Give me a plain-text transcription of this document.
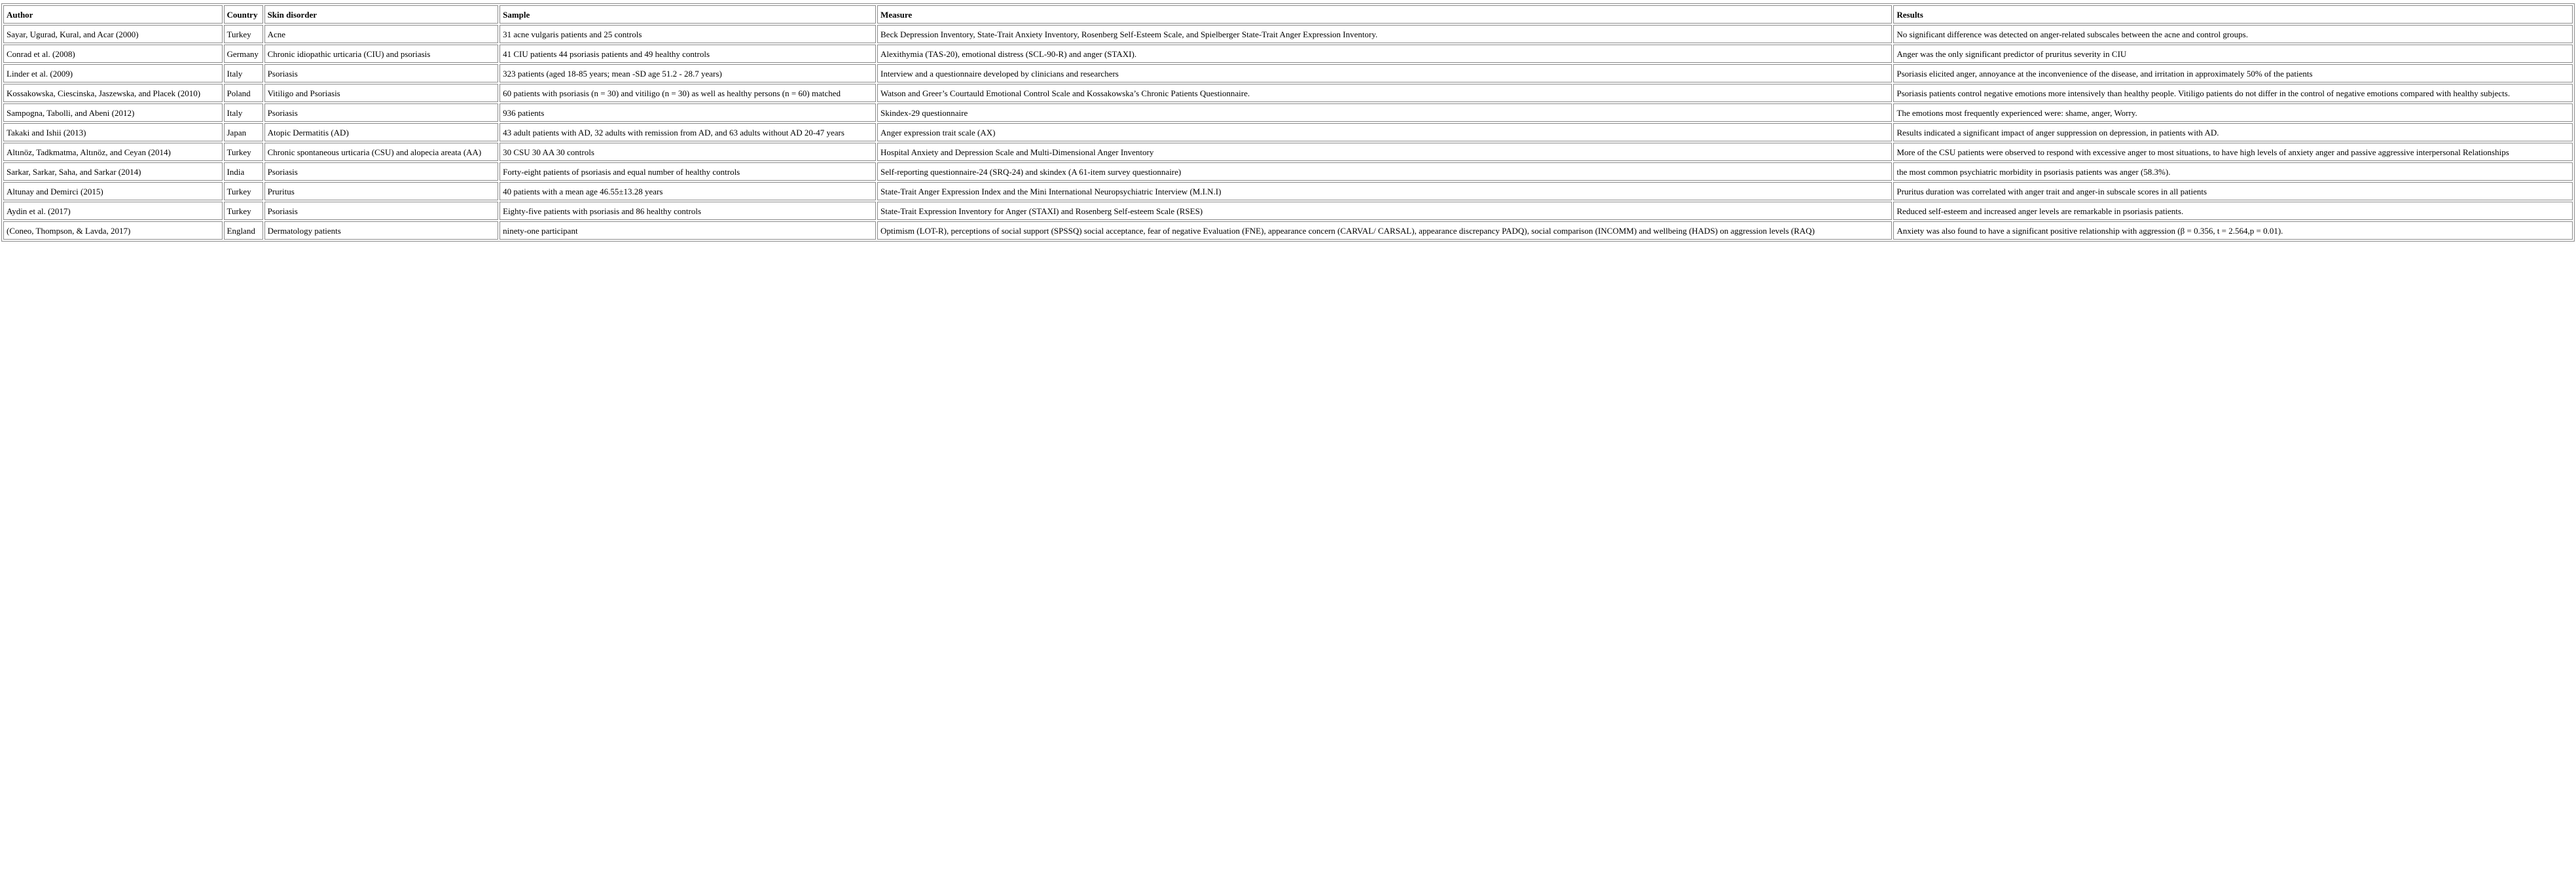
Author	Country	Skin disorder	Sample	Measure	Results
Sayar, Ugurad, Kural, and Acar (2000)	Turkey	Acne	31 acne vulgaris patients and 25 controls	Beck Depression Inventory, State-Trait Anxiety Inventory, Rosenberg Self-Esteem Scale, and Spielberger State-Trait Anger Expression Inventory.	No significant difference was detected on anger-related subscales between the acne and control groups.
Conrad et al. (2008)	Germany	Chronic idiopathic urticaria (CIU) and psoriasis	41 CIU patients 44 psoriasis patients and 49 healthy controls	Alexithymia (TAS-20), emotional distress (SCL-90-R) and anger (STAXI).	Anger was the only significant predictor of pruritus severity in CIU
Linder et al. (2009)	Italy	Psoriasis	323 patients (aged 18-85 years; mean ‑SD age 51.2 ‑ 28.7 years)	Interview and a questionnaire developed by clinicians and researchers	Psoriasis elicited anger, annoyance at the inconvenience of the disease, and irritation in approximately 50% of the patients
Kossakowska, Ciescinska, Jaszewska, and Placek (2010)	Poland	Vitiligo and Psoriasis	60 patients with psoriasis (n = 30) and vitiligo (n = 30) as well as healthy persons (n = 60) matched	Watson and Greer’s Courtauld Emotional Control Scale and Kossakowska’s Chronic Patients Questionnaire.	Psoriasis patients control negative emotions more intensively than healthy people. Vitiligo patients do not differ in the control of negative emotions compared with healthy subjects.
Sampogna, Tabolli, and Abeni (2012)	Italy	Psoriasis	936 patients	Skindex-29 questionnaire	The emotions most frequently experienced were: shame, anger, Worry.
Takaki and Ishii (2013)	Japan	Atopic Dermatitis (AD)	43 adult patients with AD, 32 adults with remission from AD, and 63 adults without AD 20-47 years	Anger expression trait scale (AX)	Results indicated a significant impact of anger suppression on depression, in patients with AD.
Altınöz, Tadkmatma, Altınöz, and Ceyan (2014)	Turkey	Chronic spontaneous urticaria (CSU) and alopecia areata (AA)	30 CSU 30 AA 30 controls	Hospital Anxiety and Depression Scale and Multi-Dimensional Anger Inventory	More of the CSU patients were observed to respond with excessive anger to most situations, to have high levels of anxiety anger and passive aggressive interpersonal Relationships
Sarkar, Sarkar, Saha, and Sarkar (2014)	India	Psoriasis	Forty-eight patients of psoriasis and equal number of healthy controls	Self-reporting questionnaire-24 (SRQ-24) and skindex (A 61-item survey questionnaire)	the most common psychiatric morbidity in psoriasis patients was anger (58.3%).
Altunay and Demirci (2015)	Turkey	Pruritus	40 patients with a mean age 46.55±13.28 years	State-Trait Anger Expression Index and the Mini International Neuropsychiatric Interview (M.I.N.I)	Pruritus duration was correlated with anger trait and anger-in subscale scores in all patients
Aydin et al. (2017)	Turkey	Psoriasis	Eighty-five patients with psoriasis and 86 healthy controls	State-Trait Expression Inventory for Anger (STAXI) and Rosenberg Self-esteem Scale (RSES)	Reduced self-esteem and increased anger levels are remarkable in psoriasis patients.
(Coneo, Thompson, & Lavda, 2017)	England	Dermatology patients	ninety-one participant	Optimism (LOT-R), perceptions of social support (SPSSQ) social acceptance, fear of negative Evaluation (FNE), appearance concern (CARVAL/ CARSAL), appearance discrepancy PADQ), social comparison (INCOMM) and wellbeing (HADS) on aggression levels (RAQ)	Anxiety was also found to have a significant positive relationship with aggression (β = 0.356, t = 2.564,p = 0.01).
